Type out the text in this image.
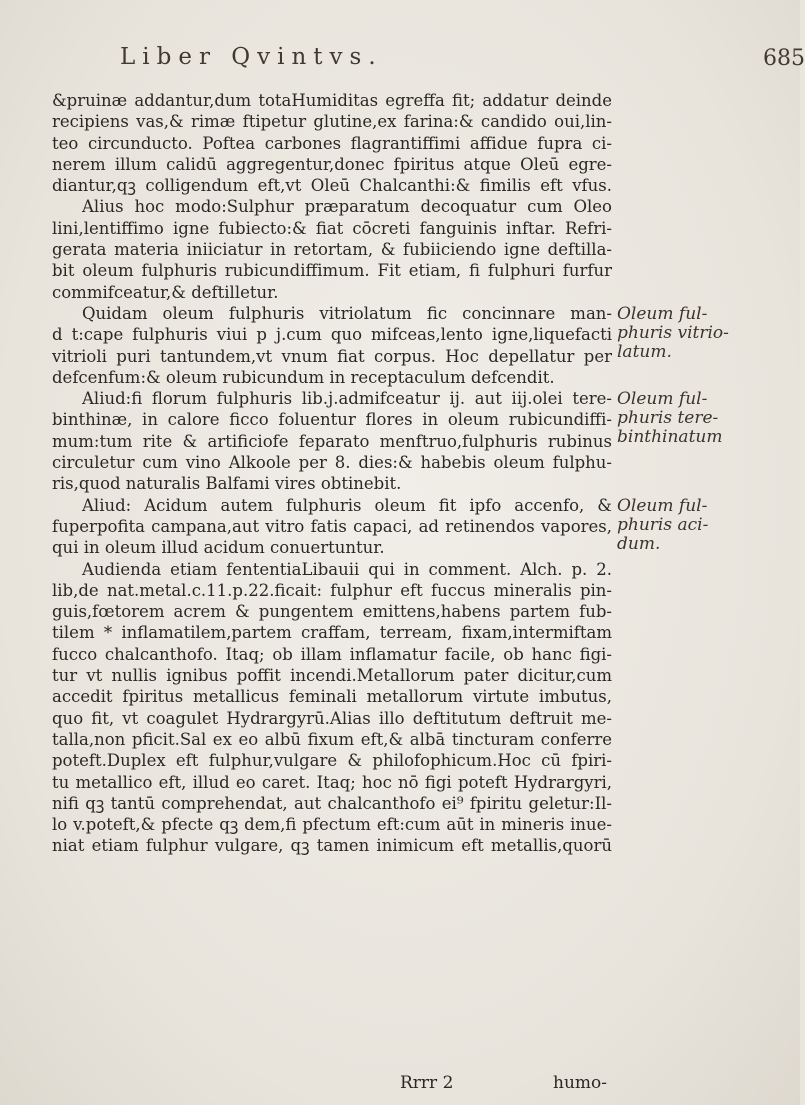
Liber Qvintvs.	685
&pruinæ addantur,dum totaHumiditas egreffa fit; addatur deinde
recipiens vas,& rimæ ftipetur glutine,ex farina:& candido oui,lin-
teo circunducto. Poftea carbones flagrantiffimi affidue fupra ci-
nerem illum calidū aggregentur,donec fpiritus atque Oleū egre-
diantur,qꝫ colligendum eft,vt Oleū Chalcanthi:& fimilis eft vfus.
Alius hoc modo:Sulphur præparatum decoquatur cum Oleo
lini,lentiffimo igne fubiecto:& fiat cōcreti fanguinis inftar. Refri-
gerata materia iniiciatur in retortam, & fubiiciendo igne deftilla-
bit oleum fulphuris rubicundiffimum. Fit etiam, fi fulphuri furfur
commifceatur,& deftilletur.
Quidam oleum fulphuris vitriolatum fic concinnare man-
d t:cape fulphuris viui p j.cum quo mifceas,lento igne,liquefacti
vitrioli puri tantundem,vt vnum fiat corpus. Hoc depellatur per
defcenfum:& oleum rubicundum in receptaculum defcendit.
Aliud:fi florum fulphuris lib.j.admifceatur ij. aut iij.olei tere-
binthinæ, in calore ficco foluentur flores in oleum rubicundiffi-
mum:tum rite & artificiofe feparato menftruo,fulphuris rubinus
circuletur cum vino Alkoole per 8. dies:& habebis oleum fulphu-
ris,quod naturalis Balfami vires obtinebit.
Aliud: Acidum autem fulphuris oleum fit ipfo accenfo, &
fuperpofita campana,aut vitro fatis capaci, ad retinendos vapores,
qui in oleum illud acidum conuertuntur.
Audienda etiam fententiaLibauii qui in comment. Alch. p. 2.
lib,de nat.metal.c.11.p.22.ficait: fulphur eft fuccus mineralis pin-
guis,fœtorem acrem & pungentem emittens,habens partem fub-
tilem * inflamatilem,partem craffam, terream, fixam,intermiftam
fucco chalcanthofo. Itaq; ob illam inflamatur facile, ob hanc figi-
tur vt nullis ignibus poffit incendi.Metallorum pater dicitur,cum
accedit fpiritus metallicus feminali metallorum virtute imbutus,
quo fit, vt coagulet Hydrargyrū.Alias illo deftitutum deftruit me-
talla,non pficit.Sal ex eo albū fixum eft,& albā tincturam conferre
poteft.Duplex eft fulphur,vulgare & philofophicum.Hoc cū fpiri-
tu metallico eft, illud eo caret. Itaq; hoc nō figi poteft Hydrargyri,
nifi qꝫ tantū comprehendat, aut chalcanthofo ei⁹ fpiritu geletur:Il-
lo v.poteft,& pfecte qꝫ dem,fi pfectum eft:cum aūt in mineris inue-
niat etiam fulphur vulgare, qꝫ tamen inimicum eft metallis,quorū
Oleum ful-
phuris vitrio-
latum.
Oleum ful-
phuris tere-
binthinatum
Oleum ful-
phuris aci-
dum.
Rrrr 2	humo-
